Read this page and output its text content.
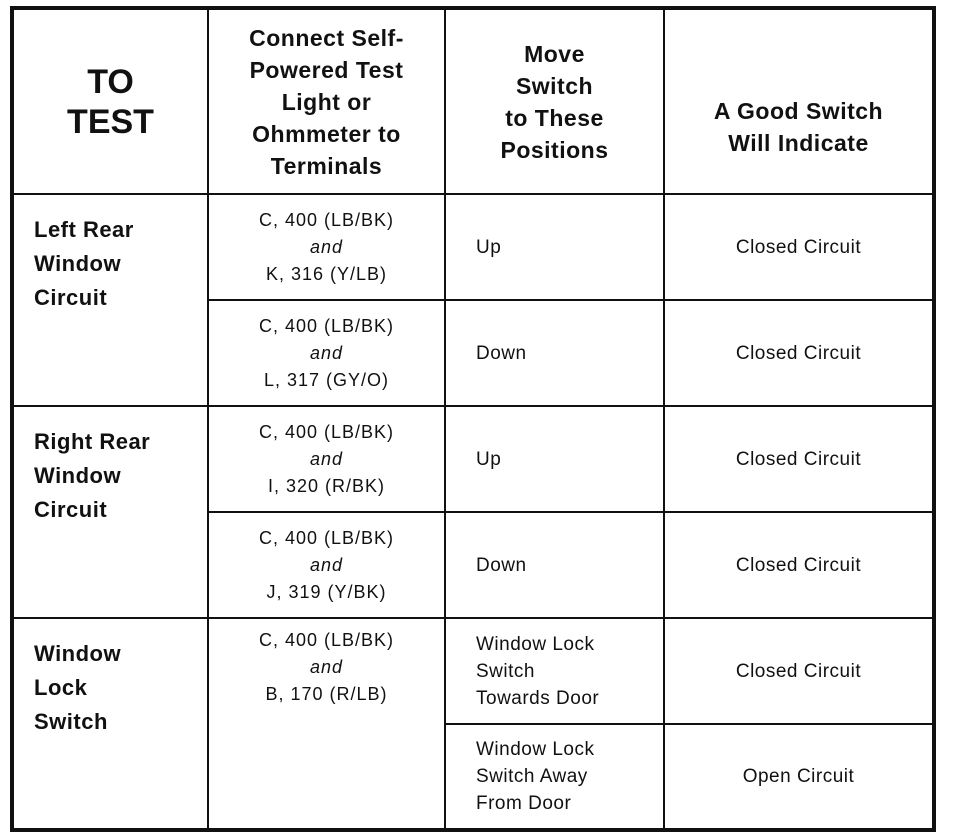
TO
TEST	Connect Self-
Powered Test
Light or
Ohmmeter to
Terminals	Move
Switch
to These
Positions	A Good Switch
Will Indicate

Left Rear
Window
Circuit	C, 400 (LB/BK)
and
K, 316 (Y/LB)	Up	Closed Circuit

	C, 400 (LB/BK)
and
L, 317 (GY/O)	Down	Closed Circuit

Right Rear
Window
Circuit	C, 400 (LB/BK)
and
I, 320 (R/BK)	Up	Closed Circuit

	C, 400 (LB/BK)
and
J, 319 (Y/BK)	Down	Closed Circuit

Window
Lock
Switch	C, 400 (LB/BK)
and
B, 170 (R/LB)	Window Lock
Switch
Towards Door	Closed Circuit

		Window Lock
Switch Away
From Door	Open Circuit
